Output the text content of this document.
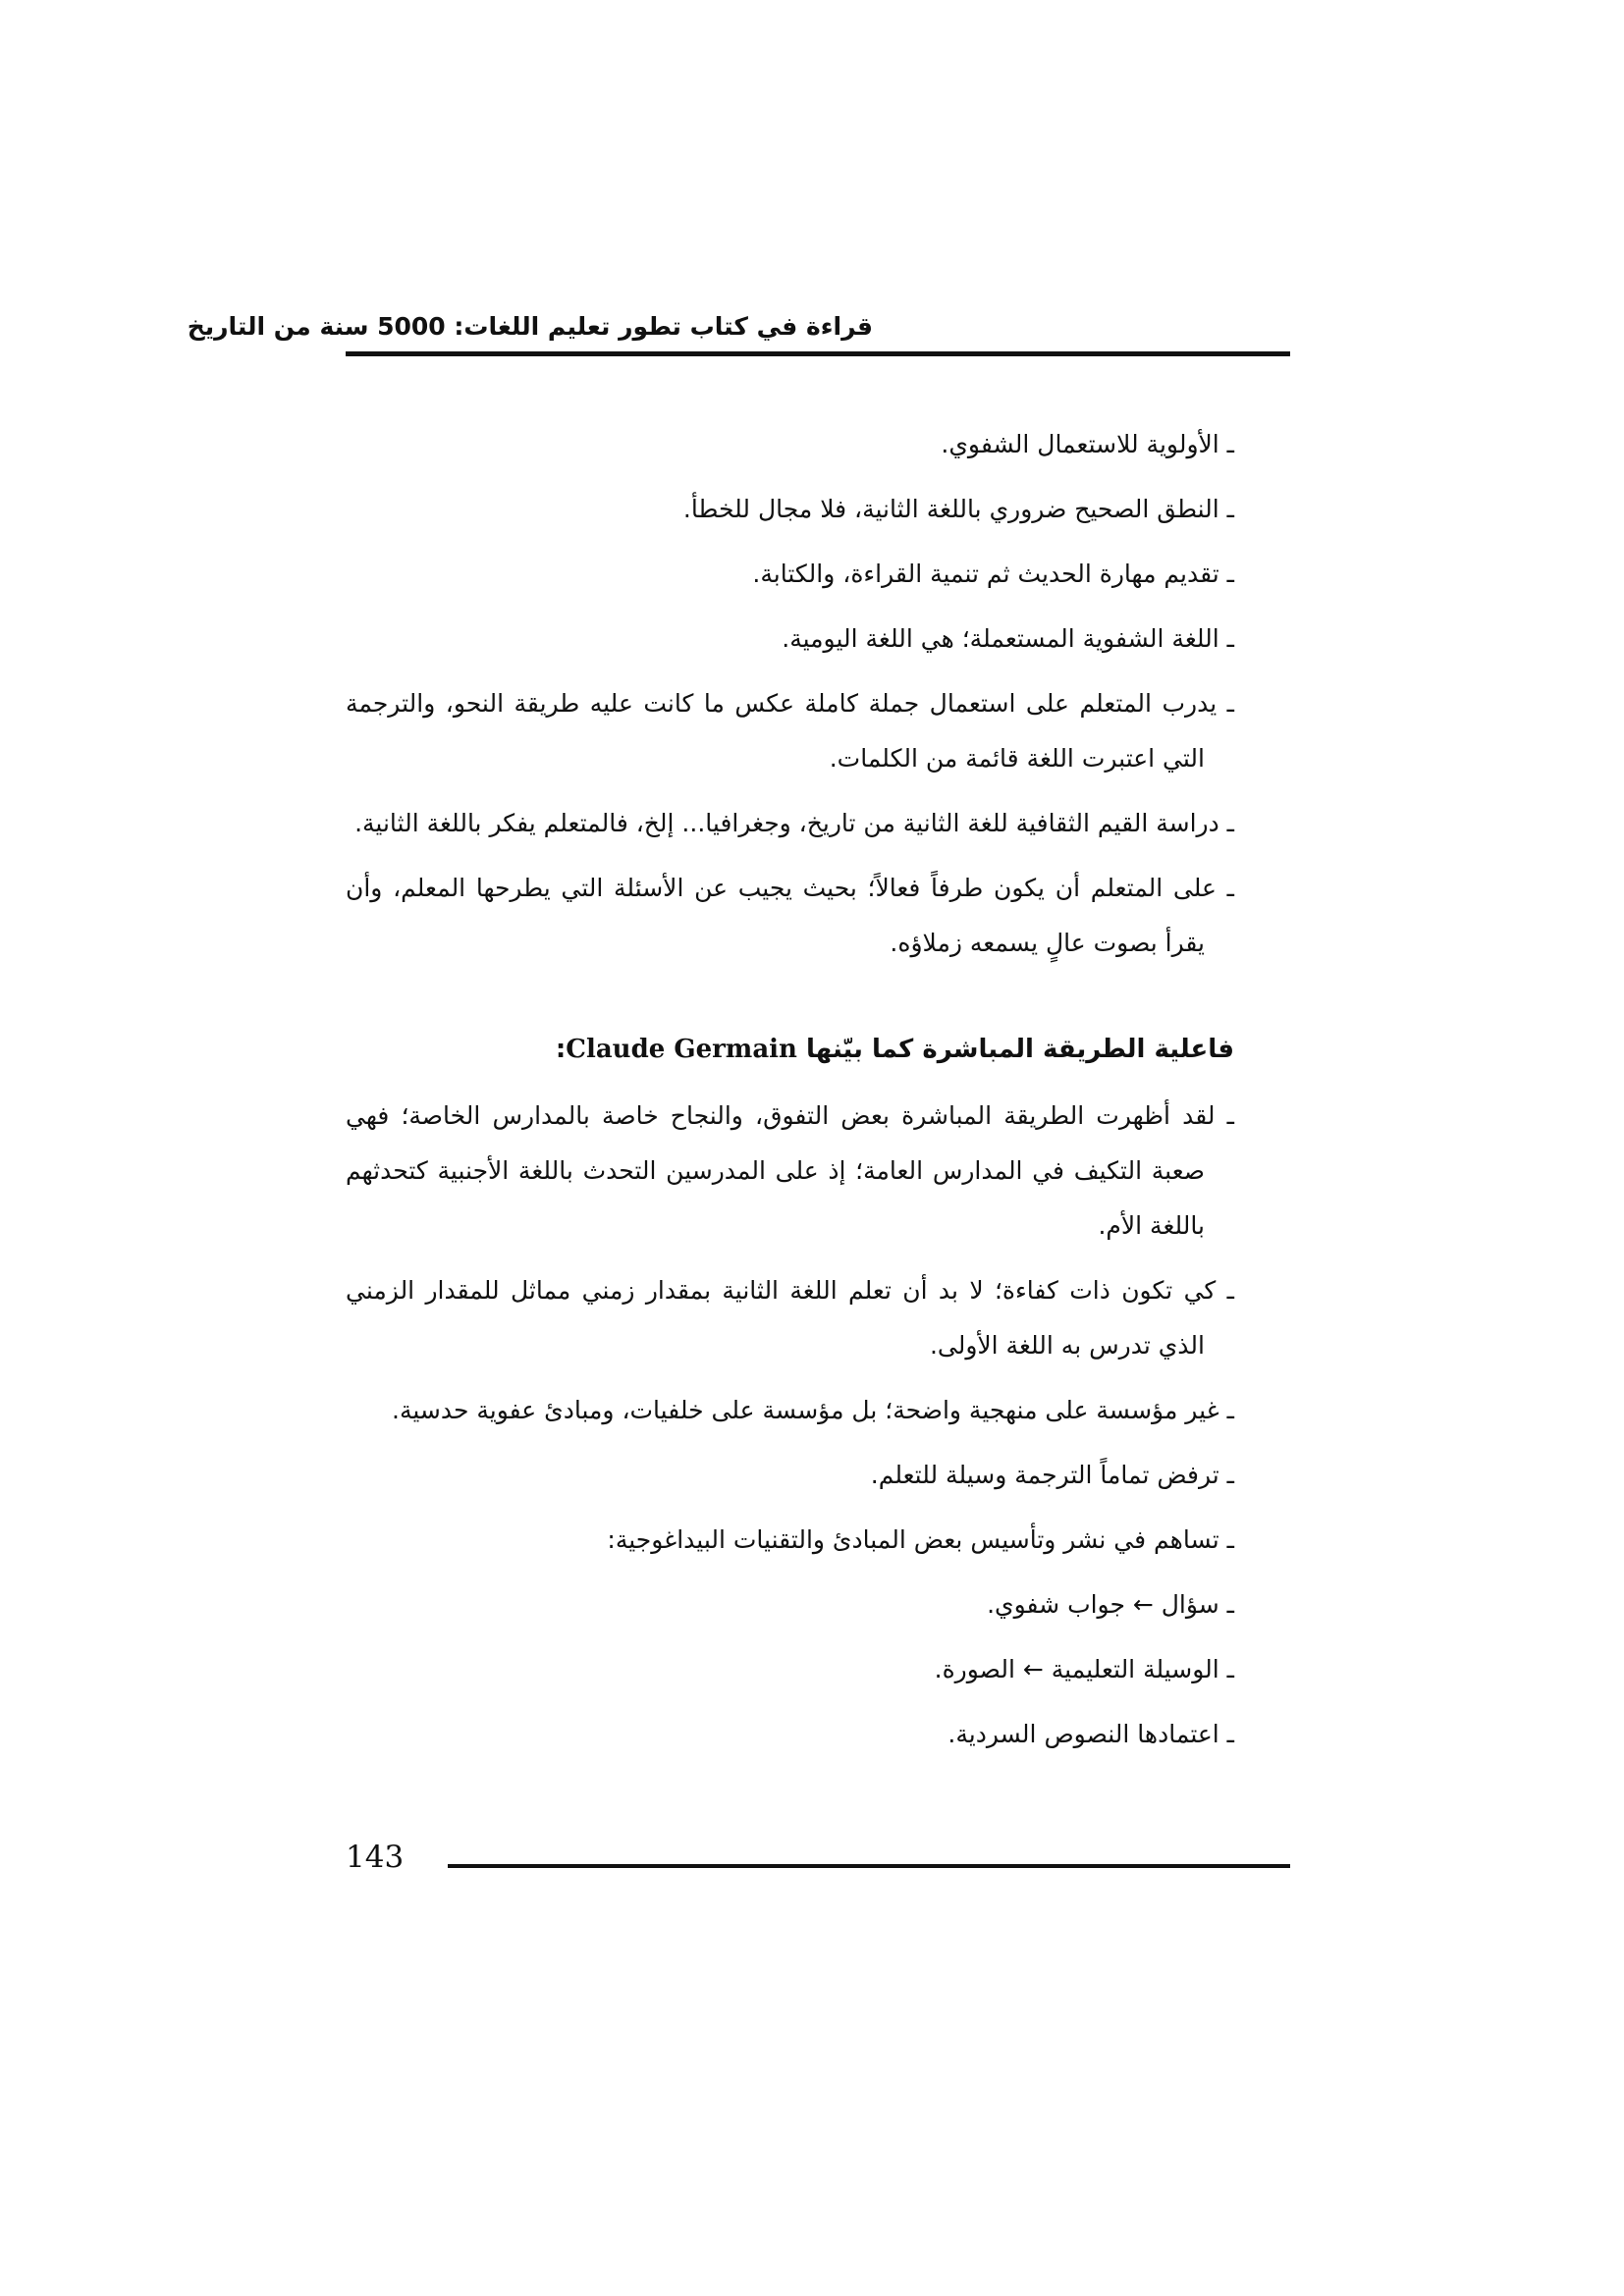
قراءة في كتاب تطور تعليم اللغات: 5000 سنة من التاريخ

ـ الأولوية للاستعمال الشفوي.

ـ النطق الصحيح ضروري باللغة الثانية، فلا مجال للخطأ.

ـ تقديم مهارة الحديث ثم تنمية القراءة، والكتابة.

ـ اللغة الشفوية المستعملة؛ هي اللغة اليومية.

ـ يدرب المتعلم على استعمال جملة كاملة عكس ما كانت عليه طريقة النحو، والترجمة التي اعتبرت اللغة قائمة من الكلمات.

ـ دراسة القيم الثقافية للغة الثانية من تاريخ، وجغرافيا... إلخ، فالمتعلم يفكر باللغة الثانية.

ـ على المتعلم أن يكون طرفاً فعالاً؛ بحيث يجيب عن الأسئلة التي يطرحها المعلم، وأن يقرأ بصوت عالٍ يسمعه زملاؤه.

فاعلية الطريقة المباشرة كما بيّنها Claude Germain:

ـ لقد أظهرت الطريقة المباشرة بعض التفوق، والنجاح خاصة بالمدارس الخاصة؛ فهي صعبة التكيف في المدارس العامة؛ إذ على المدرسين التحدث باللغة الأجنبية كتحدثهم باللغة الأم.

ـ كي تكون ذات كفاءة؛ لا بد أن تعلم اللغة الثانية بمقدار زمني مماثل للمقدار الزمني الذي تدرس به اللغة الأولى.

ـ غير مؤسسة على منهجية واضحة؛ بل مؤسسة على خلفيات، ومبادئ عفوية حدسية.

ـ ترفض تماماً الترجمة وسيلة للتعلم.

ـ تساهم في نشر وتأسيس بعض المبادئ والتقنيات البيداغوجية:

ـ سؤال ← جواب شفوي.

ـ الوسيلة التعليمية ← الصورة.

ـ اعتمادها النصوص السردية.

143
